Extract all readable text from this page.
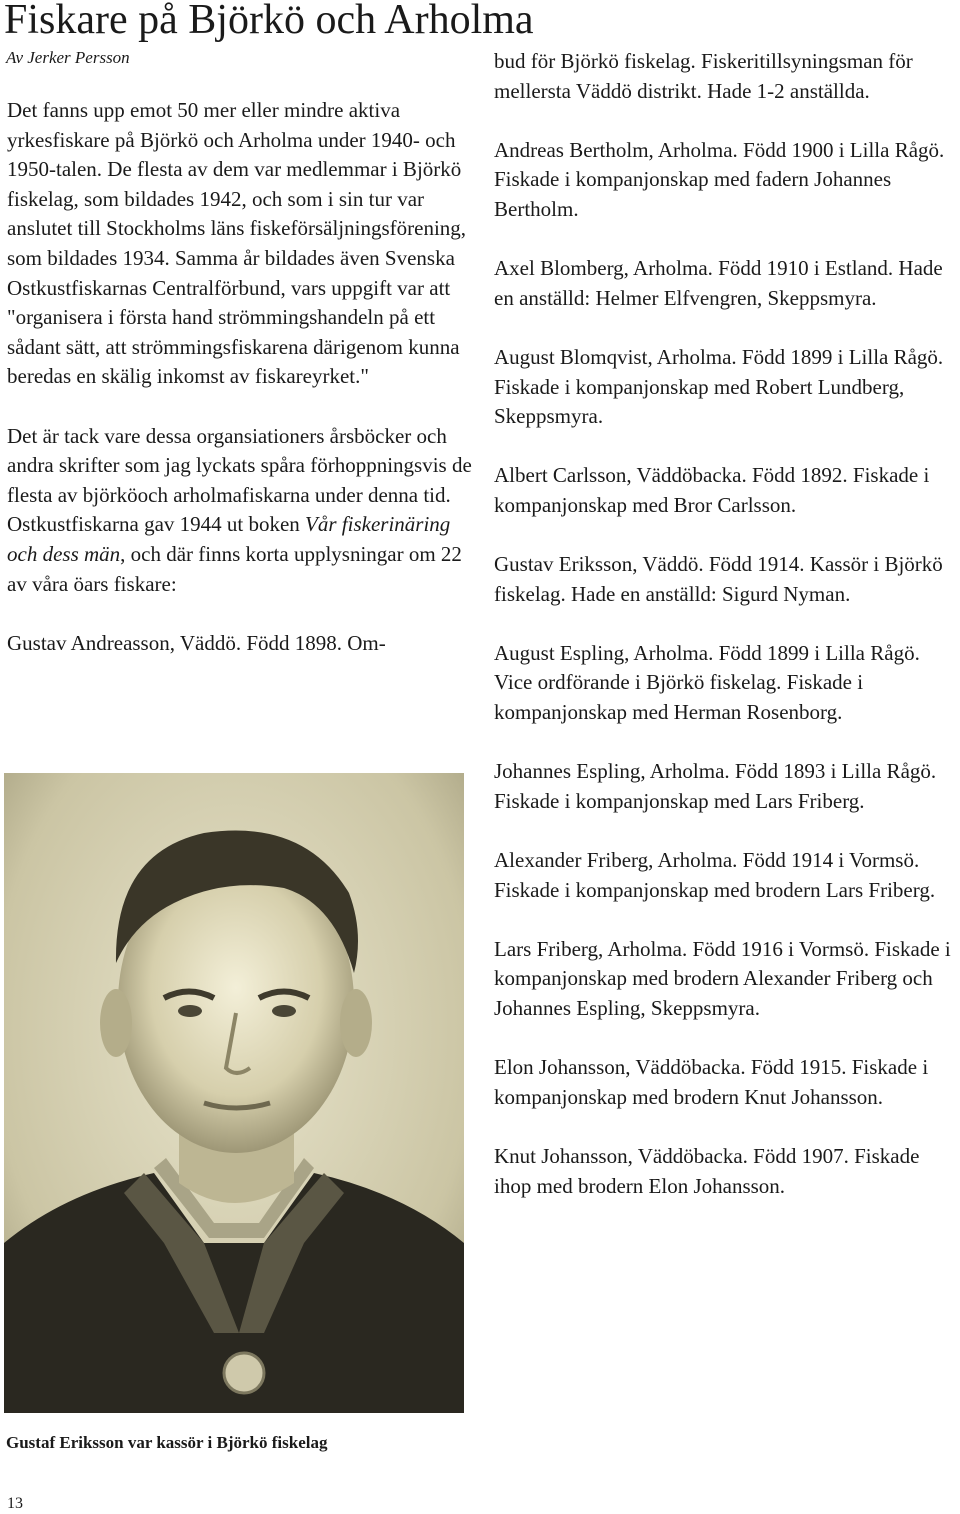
Fiskare på Björkö och Arholma
Av Jerker Persson

Det fanns upp emot 50 mer eller mindre aktiva yrkesfiskare på Björkö och Arholma under 1940- och 1950-talen. De flesta av dem var medlemmar i Björkö fiskelag, som bildades 1942, och som i sin tur var anslutet till Stockholms läns fiskeförsäljningsförening, som bildades 1934. Samma år bildades även Svenska Ostkustfiskarnas Centralförbund, vars uppgift var att "organisera i första hand strömmingshandeln på ett sådant sätt, att strömmingsfiskarena därigenom kunna beredas en skälig inkomst av fiskareyrket."

Det är tack vare dessa organsiationers årsböcker och andra skrifter som jag lyckats spåra förhoppningsvis de flesta av björköoch arholmafiskarna under denna tid. Ostkustfiskarna gav 1944 ut boken Vår fiskerinäring och dess män, och där finns korta upplysningar om 22 av våra öars fiskare:

Gustav Andreasson, Väddö. Född 1898. Om-

Gustaf Eriksson var kassör i Björkö fiskelag

bud för Björkö fiskelag. Fiskeritillsyningsman för mellersta Väddö distrikt. Hade 1-2 anställda.

Andreas Bertholm, Arholma. Född 1900 i Lilla Rågö. Fiskade i kompanjonskap med fadern Johannes Bertholm.

Axel Blomberg, Arholma. Född 1910 i Estland. Hade en anställd: Helmer Elfvengren, Skeppsmyra.

August Blomqvist, Arholma. Född 1899 i Lilla Rågö. Fiskade i kompanjonskap med Robert Lundberg, Skeppsmyra.

Albert Carlsson, Väddöbacka. Född 1892. Fiskade i kompanjonskap med Bror Carlsson.

Gustav Eriksson, Väddö. Född 1914. Kassör i Björkö fiskelag. Hade en anställd: Sigurd Nyman.

August Espling, Arholma. Född 1899 i Lilla Rågö. Vice ordförande i Björkö fiskelag. Fiskade i kompanjonskap med Herman Rosenborg.

Johannes Espling, Arholma. Född 1893 i Lilla Rågö. Fiskade i kompanjonskap med Lars Friberg.

Alexander Friberg, Arholma. Född 1914 i Vormsö. Fiskade i kompanjonskap med brodern Lars Friberg.

Lars Friberg, Arholma. Född 1916 i Vormsö. Fiskade i kompanjonskap med brodern Alexander Friberg och Johannes Espling, Skeppsmyra.

Elon Johansson, Väddöbacka. Född 1915. Fiskade i kompanjonskap med brodern Knut Johansson.

Knut Johansson, Väddöbacka. Född 1907. Fiskade ihop med brodern Elon Johansson.

13
